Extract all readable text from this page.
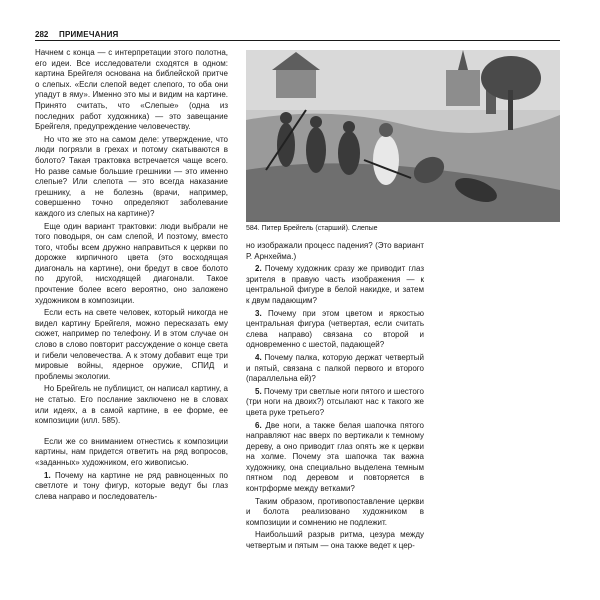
282 ПРИМЕЧАНИЯ

Начнем с конца — с интерпретации этого полотна, его идеи. Все исследователи сходятся в одном: картина Брейгеля основана на библейской притче о слепых. «Если слепой ведет слепого, то оба они упадут в яму». Именно это мы и видим на картине. Принято считать, что «Слепые» (одна из последних работ художника) — это завещание Брейгеля, предупреждение человечеству.

Но что же это на самом деле: утверждение, что люди погрязли в грехах и потому скатываются в болото? Такая трактовка встречается чаще всего. Но разве самые большие грешники — это именно слепые? Или слепота — это всегда наказание грешнику, а не болезнь (врачи, например, совершенно точно определяют заболевание каждого из слепых на картине)?

Еще один вариант трактовки: люди выбрали не того поводыря, он сам слепой, И поэтому, вместо того, чтобы всем дружно направиться к церкви по дорожке кирпичного цвета (это восходящая диагональ на картине), они бредут в свое болото по другой, нисходящей диагонали. Такое прочтение более всего вероятно, оно заложено художником в композиции.

Если есть на свете человек, который никогда не видел картину Брейгеля, можно пересказать ему сюжет, например по телефону. И в этом случае он слово в слово повторит рассуждение о конце света и гибели человечества. А к этому добавит еще три мировые войны, ядерное оружие, СПИД и проблемы экологии.

Но Брейгель не публицист, он написал картину, а не статью. Его послание заключено не в словах или идеях, а в самой картине, в ее форме, ее композиции (илл. 585).

Если же со вниманием отнестись к композиции картины, нам придется ответить на ряд вопросов, «заданных» художником, его живописью.

1. Почему на картине не ряд равноценных по светлоте и тону фигур, которые ведут бы глаз слева направо и последователь-

584. Питер Брейгель (старший). Слепые

но изображали процесс падения? (Это вариант Р. Арнхейма.)

2. Почему художник сразу же приводит глаз зрителя в правую часть изображения — к центральной фигуре в белой накидке, и затем к двум падающим?

3. Почему при этом цветом и яркостью центральная фигура (четвертая, если считать слева направо) связана со второй и одновременно с шестой, падающей?

4. Почему палка, которую держат четвертый и пятый, связана с палкой первого и второго (параллельна ей)?

5. Почему три светлые ноги пятого и шестого (три ноги на двоих?) отсылают нас к такого же цвета руке третьего?

6. Две ноги, а также белая шапочка пятого направляют нас вверх по вертикали к темному дереву, а оно приводит глаз опять же к церкви на холме. Почему эта шапочка так важна художнику, она специально выделена темным пятном под деревом и повторяется в контрформе между ветками?

Таким образом, противопоставление церкви и болота реализовано художником в композиции и сомнению не подлежит.

Наибольший разрыв ритма, цезура между четвертым и пятым — она также ведет к цер-
